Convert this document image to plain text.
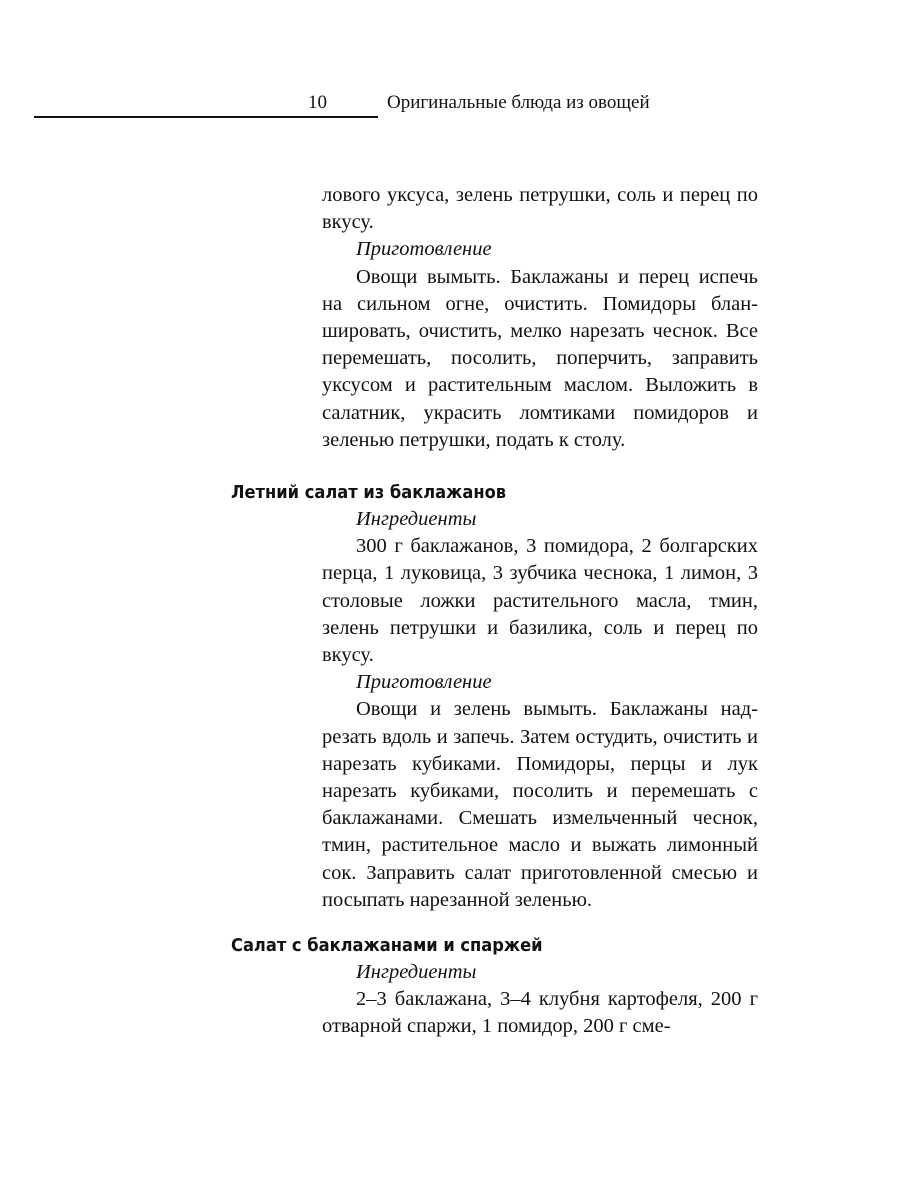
10	Оригинальные блюда из овощей

лового уксуса, зелень петрушки, соль и перец по вкусу.

Приготовление

Овощи вымыть. Баклажаны и перец испечь на сильном огне, очистить. Помидоры бланшировать, очистить, мелко нарезать чеснок. Все перемешать, посолить, поперчить, заправить уксусом и растительным маслом. Выложить в салатник, украсить ломтиками помидоров и зеленью петрушки, подать к столу.

Летний салат из баклажанов

Ингредиенты

300 г баклажанов, 3 помидора, 2 болгарских перца, 1 луковица, 3 зубчика чеснока, 1 лимон, 3 столовые ложки растительного масла, тмин, зелень петрушки и базилика, соль и перец по вкусу.

Приготовление

Овощи и зелень вымыть. Баклажаны надрезать вдоль и запечь. Затем остудить, очистить и нарезать кубиками. Помидоры, перцы и лук нарезать кубиками, посолить и перемешать с баклажанами. Смешать измельченный чеснок, тмин, растительное масло и выжать лимонный сок. Заправить салат приготовленной смесью и посыпать нарезанной зеленью.

Салат с баклажанами и спаржей

Ингредиенты

2–3 баклажана, 3–4 клубня картофеля, 200 г отварной спаржи, 1 помидор, 200 г сме-
